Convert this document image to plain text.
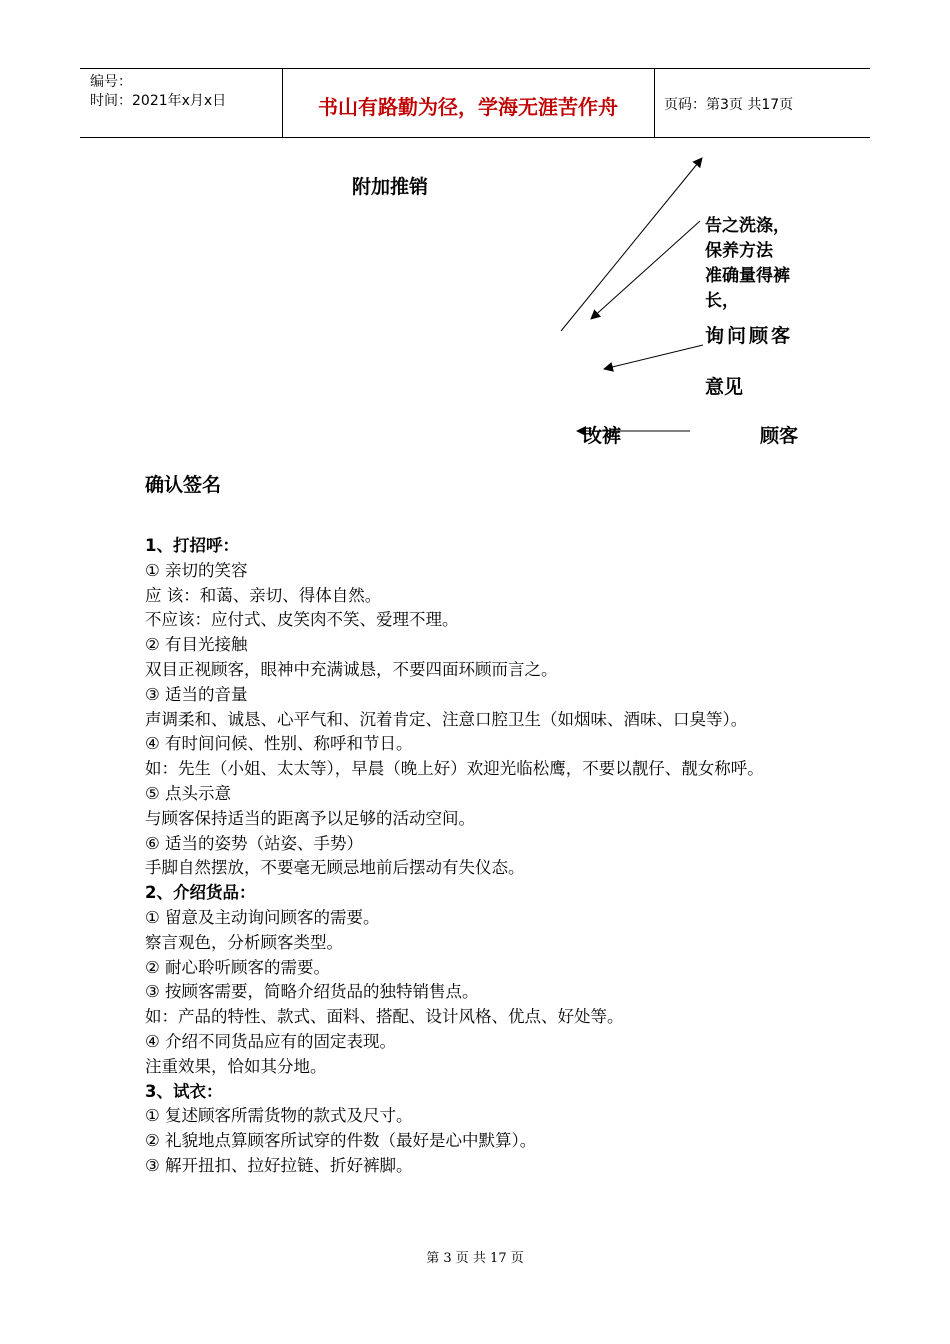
编号：
时间：2021年x月x日	书山有路勤为径，学海无涯苦作舟	页码：第3页 共17页
附加推销
告之洗涤，
保养方法
准确量得裤
长，
询问顾客
意见
改裤	顾客
确认签名

1、打招呼：

① 亲切的笑容

应 该：和蔼、亲切、得体自然。

不应该：应付式、皮笑肉不笑、爱理不理。

② 有目光接触

双目正视顾客，眼神中充满诚恳，不要四面环顾而言之。

③ 适当的音量

声调柔和、诚恳、心平气和、沉着肯定、注意口腔卫生（如烟味、酒味、口臭等）。

④ 有时间问候、性别、称呼和节日。

如：先生（小姐、太太等），早晨（晚上好）欢迎光临松鹰，不要以靓仔、靓女称呼。

⑤ 点头示意

与顾客保持适当的距离予以足够的活动空间。

⑥ 适当的姿势（站姿、手势）

手脚自然摆放，不要毫无顾忌地前后摆动有失仪态。

2、介绍货品：

① 留意及主动询问顾客的需要。

察言观色，分析顾客类型。

② 耐心聆听顾客的需要。

③ 按顾客需要，简略介绍货品的独特销售点。

如：产品的特性、款式、面料、搭配、设计风格、优点、好处等。

④ 介绍不同货品应有的固定表现。

注重效果，恰如其分地。

3、试衣：

① 复述顾客所需货物的款式及尺寸。

② 礼貌地点算顾客所试穿的件数（最好是心中默算）。

③ 解开扭扣、拉好拉链、折好裤脚。

第 3 页 共 17 页
